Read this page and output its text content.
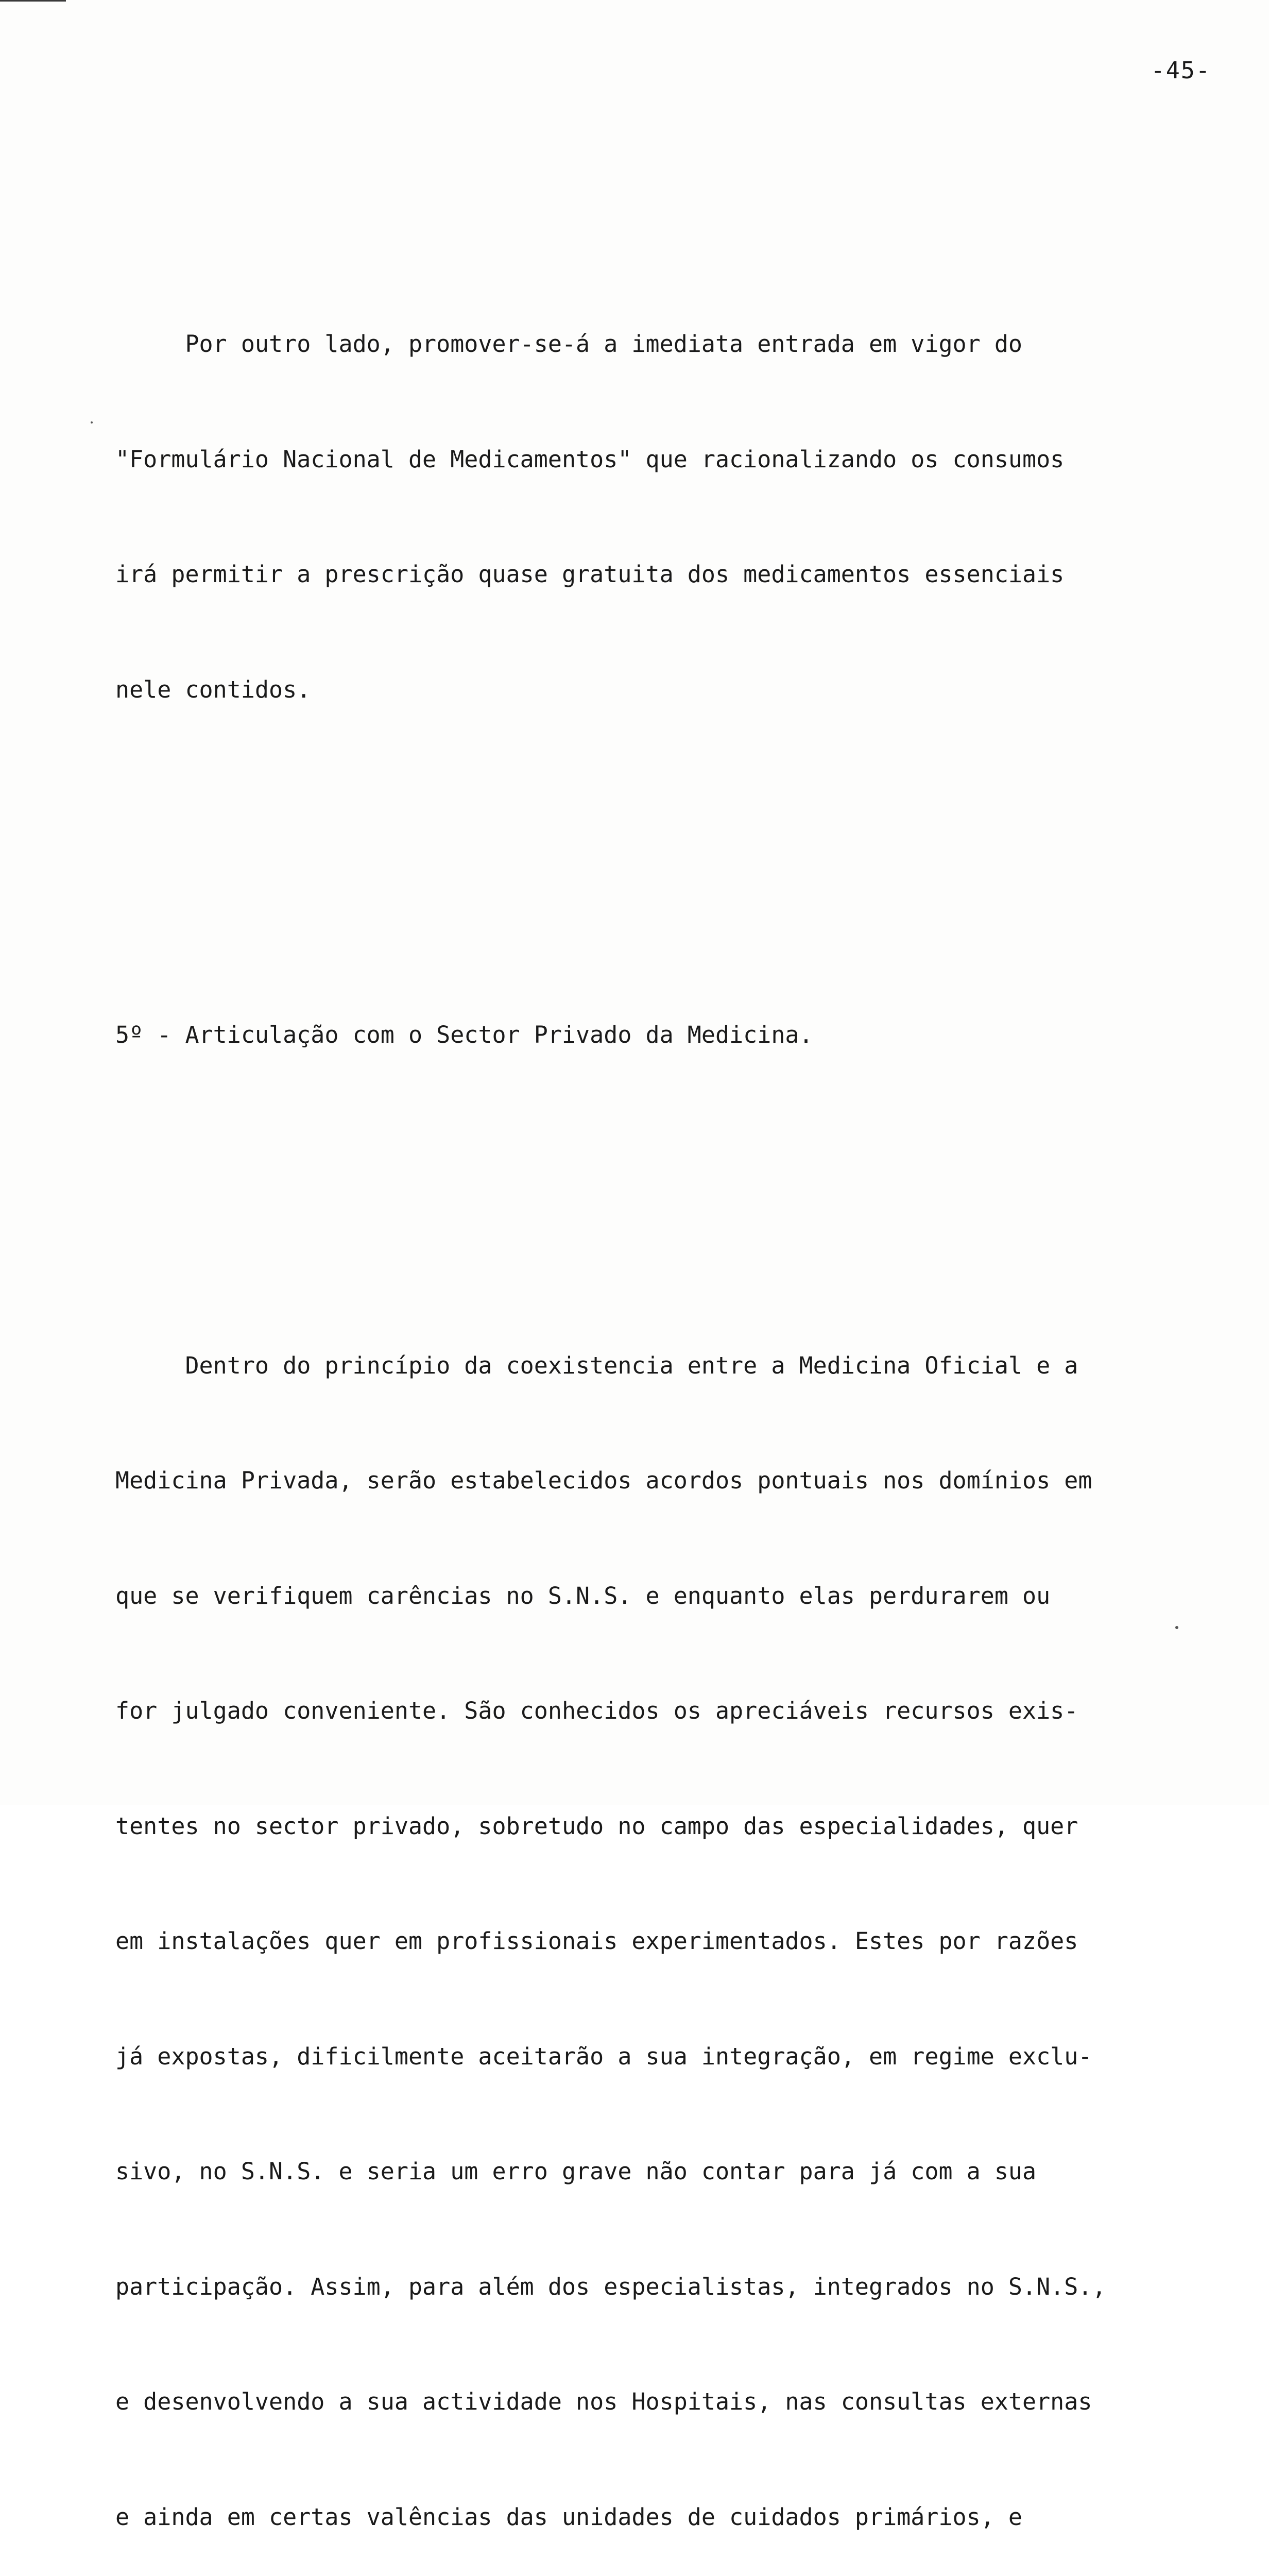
-45-

Por outro lado, promover-se-á a imediata entrada em vigor do

"Formulário Nacional de Medicamentos" que racionalizando os consumos

irá permitir a prescrição quase gratuita dos medicamentos essenciais

nele contidos.

5º - Articulação com o Sector Privado da Medicina.

Dentro do princípio da coexistencia entre a Medicina Oficial e a

Medicina Privada, serão estabelecidos acordos pontuais nos domínios em

que se verifiquem carências no S.N.S. e enquanto elas perdurarem ou

for julgado conveniente. São conhecidos os apreciáveis recursos exis-

tentes no sector privado, sobretudo no campo das especialidades, quer

em instalações quer em profissionais experimentados. Estes por razões

já expostas, dificilmente aceitarão a sua integração, em regime exclu-

sivo, no S.N.S. e seria um erro grave não contar para já com a sua

participação. Assim, para além dos especialistas, integrados no S.N.S.,

e desenvolvendo a sua actividade nos Hospitais, nas consultas externas

e ainda em certas valências das unidades de cuidados primários, e
